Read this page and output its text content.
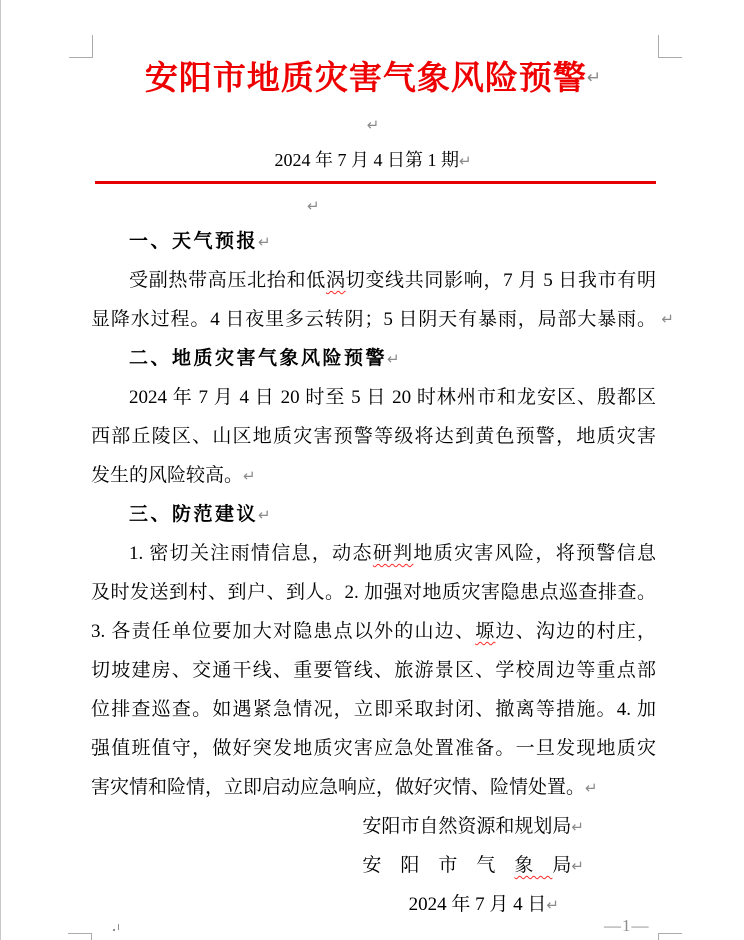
安阳市地质灾害气象风险预警↵
↵
2024 年 7 月 4 日第 1 期↵
↵
一、天气预报↵
受副热带高压北抬和低涡切变线共同影响，7 月 5 日我市有明
显降水过程。4 日夜里多云转阴；5 日阴天有暴雨，局部大暴雨。 ↵
二、地质灾害气象风险预警↵
2024 年 7 月 4 日 20 时至 5 日 20 时林州市和龙安区、殷都区
西部丘陵区、山区地质灾害预警等级将达到黄色预警，地质灾害
发生的风险较高。↵
三、防范建议↵
1. 密切关注雨情信息，动态研判地质灾害风险，将预警信息
及时发送到村、到户、到人。2. 加强对地质灾害隐患点巡查排查。
3. 各责任单位要加大对隐患点以外的山边、塬边、沟边的村庄，
切坡建房、交通干线、重要管线、旅游景区、学校周边等重点部
位排查巡查。如遇紧急情况，立即采取封闭、撤离等措施。4. 加
强值班值守，做好突发地质灾害应急处置准备。一旦发现地质灾
害灾情和险情，立即启动应急响应，做好灾情、险情处置。↵
安阳市自然资源和规划局↵
安阳市气象局↵
2024 年 7 月 4 日↵
—1—
